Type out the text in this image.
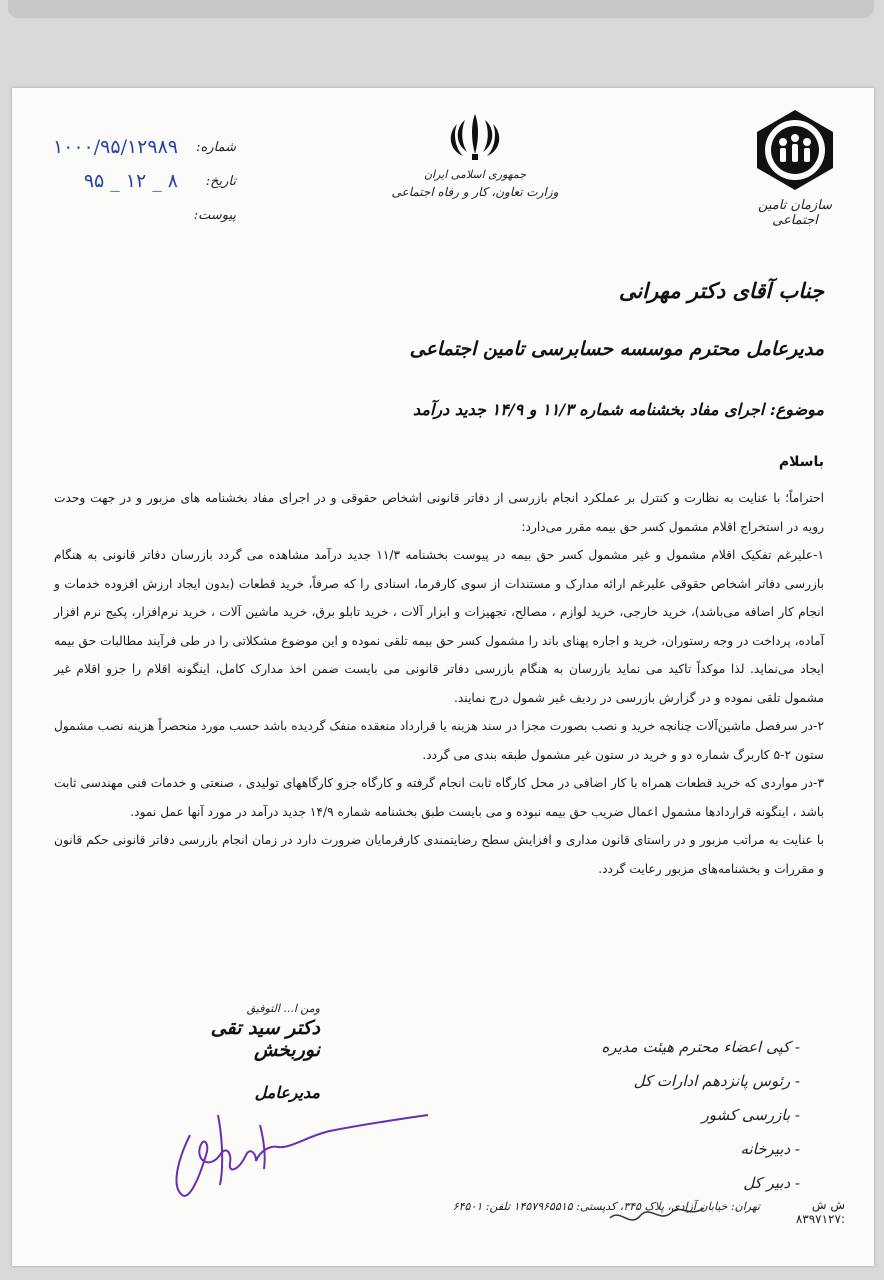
سازمان تامین اجتماعی
جمهوری اسلامی ایران
وزارت تعاون، کار و رفاه اجتماعی
شماره:
۱۰۰۰/۹۵/۱۲۹۸۹
تاریخ:
۹۵ _ ۱۲ _ ۸
پیوست:
جناب آقای دکتر مهرانی
مدیرعامل محترم موسسه حسابرسی تامین اجتماعی
موضوع: اجرای مفاد بخشنامه شماره ۱۱/۳ و ۱۴/۹ جدید درآمد
باسلام

احتراماً؛ با عنایت به نظارت و کنترل بر عملکرد انجام بازرسی از دفاتر قانونی اشخاص حقوقی و در اجرای مفاد بخشنامه های مزبور و در جهت وحدت رویه در استخراج اقلام مشمول کسر حق بیمه مقرر می‌دارد:

۱-علیرغم تفکیک اقلام مشمول و غیر مشمول کسر حق بیمه در پیوست بخشنامه ۱۱/۳ جدید درآمد مشاهده می گردد بازرسان دفاتر قانونی به هنگام بازرسی دفاتر اشخاص حقوقی علیرغم ارائه مدارک و مستندات از سوی کارفرما، اسنادی را که صرفاً، خرید قطعات (بدون ایجاد ارزش افزوده خدمات و انجام کار اضافه می‌باشد)، خرید خارجی، خرید لوازم ، مصالح، تجهیزات و ابزار آلات ، خرید تابلو برق، خرید ماشین آلات ، خرید نرم‌افزار، پکیج نرم افزار آماده، پرداخت در وجه رستوران، خرید و اجاره پهنای باند را مشمول کسر حق بیمه تلقی نموده و این موضوع مشکلاتی را در طی فرآیند مطالبات حق بیمه ایجاد می‌نماید. لذا موکداً تاکید می نماید بازرسان به هنگام بازرسی دفاتر قانونی می بایست ضمن اخذ مدارک کامل، اینگونه اقلام را جزو اقلام غیر مشمول تلقی نموده و در گزارش بازرسی در ردیف غیر شمول درج نمایند.

۲-در سرفصل ماشین‌آلات چنانچه خرید و نصب بصورت مجزا در سند هزینه یا قرارداد منعقده منفک گردیده باشد حسب مورد منحصراً هزینه نصب مشمول ستون ۲-۵ کاربرگ شماره دو و خرید در ستون غیر مشمول طبقه بندی می گردد.

۳-در مواردی که خرید قطعات همراه با کار اضافی در محل کارگاه ثابت انجام گرفته و کارگاه جزو کارگاههای تولیدی ، صنعتی و خدمات فنی مهندسی ثابت باشد ، اینگونه قراردادها مشمول اعمال ضریب حق بیمه نبوده و می بایست طبق بخشنامه شماره ۱۴/۹ جدید درآمد در مورد آنها عمل نمود.

با عنایت به مراتب مزبور و در راستای قانون مداری و افزایش سطح رضایتمندی کارفرمایان ضرورت دارد در زمان انجام بازرسی دفاتر قانونی حکم قانون و مقررات و بخشنامه‌های مزبور رعایت گردد.

ومن ا... التوفیق
دکتر سید تقی نوربخش
مدیرعامل
- کپی اعضاء محترم هیئت مدیره
- رئوس پانزدهم ادارات کل
- بازرسی کشور
- دبیرخانه
- دبیر کل
تهران: خیابان آزادی، پلاک ۳۴۵، کدپستی: ۱۴۵۷۹۶۵۵۱۵ تلفن: ۶۴۵۰۱	ش ش :۸۳۹۷۱۲۷
